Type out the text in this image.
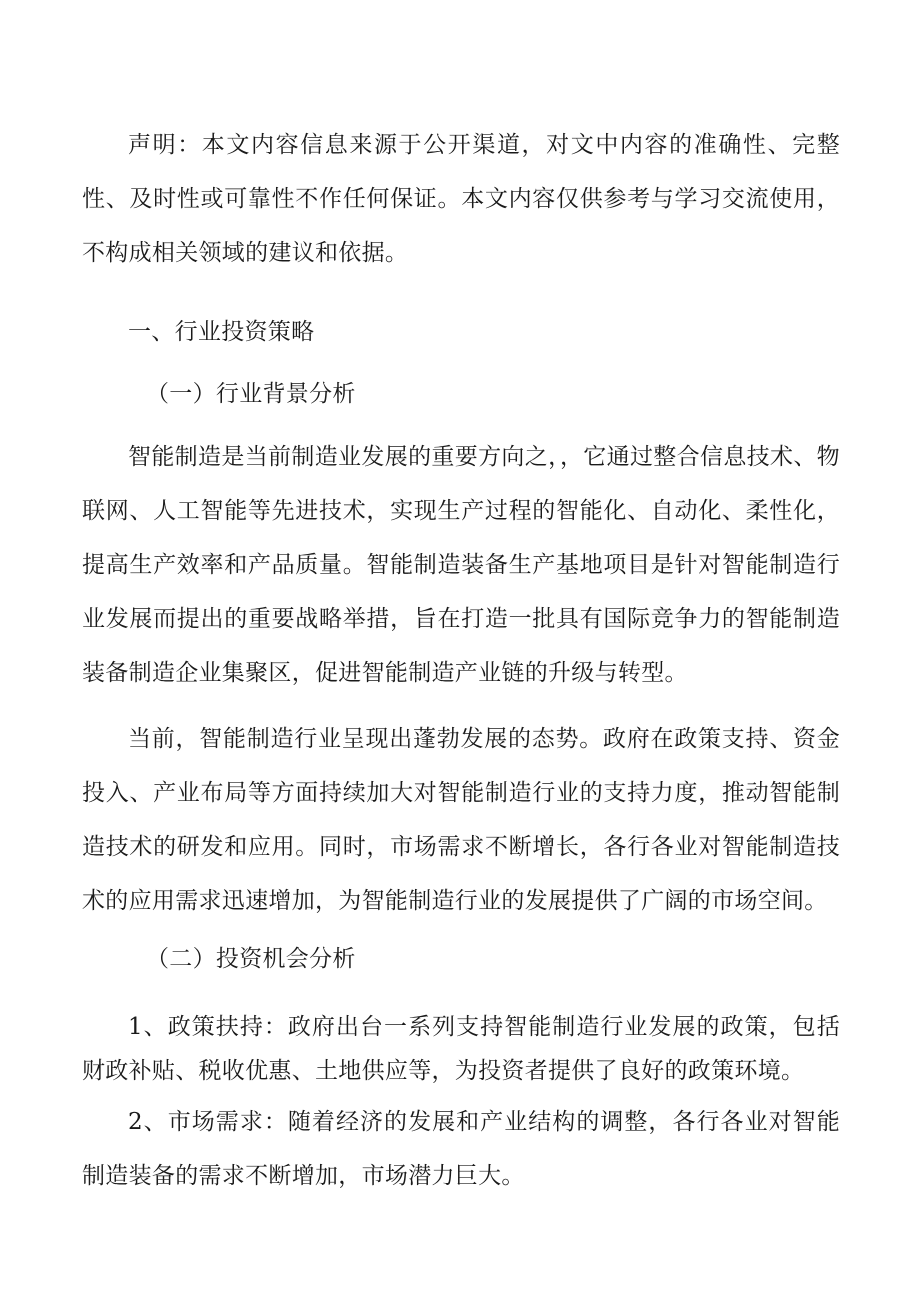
声明：本文内容信息来源于公开渠道，对文中内容的准确性、完整性、及时性或可靠性不作任何保证。本文内容仅供参考与学习交流使用，不构成相关领域的建议和依据。

一、行业投资策略
（一）行业背景分析

智能制造是当前制造业发展的重要方向之，，它通过整合信息技术、物联网、人工智能等先进技术，实现生产过程的智能化、自动化、柔性化，提高生产效率和产品质量。智能制造装备生产基地项目是针对智能制造行业发展而提出的重要战略举措，旨在打造一批具有国际竞争力的智能制造装备制造企业集聚区，促进智能制造产业链的升级与转型。

当前，智能制造行业呈现出蓬勃发展的态势。政府在政策支持、资金投入、产业布局等方面持续加大对智能制造行业的支持力度，推动智能制造技术的研发和应用。同时，市场需求不断增长，各行各业对智能制造技术的应用需求迅速增加，为智能制造行业的发展提供了广阔的市场空间。

（二）投资机会分析

1、政策扶持：政府出台一系列支持智能制造行业发展的政策，包括财政补贴、税收优惠、土地供应等，为投资者提供了良好的政策环境。

2、市场需求：随着经济的发展和产业结构的调整，各行各业对智能制造装备的需求不断增加，市场潜力巨大。
